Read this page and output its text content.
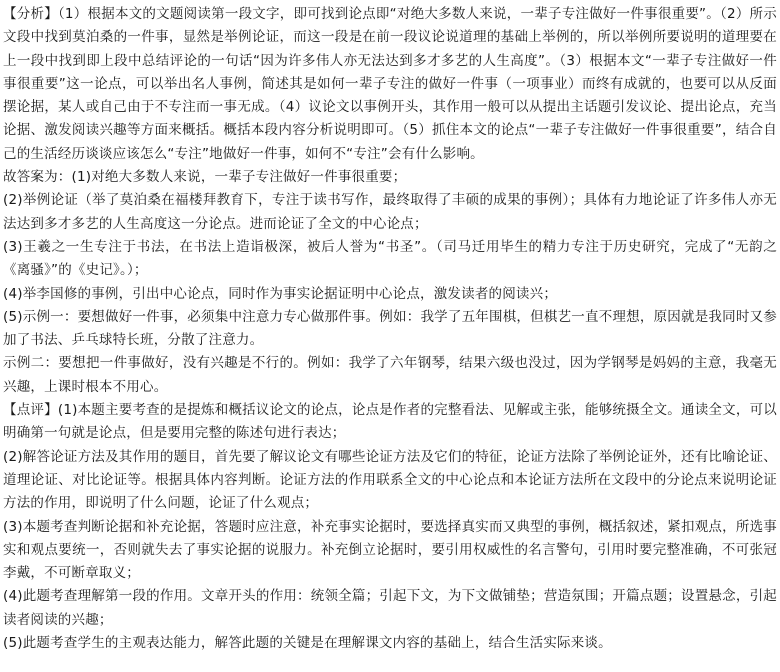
【分析】（1）根据本文的文题阅读第一段文字，即可找到论点即“对绝大多数人来说，一辈子专注做好一件事很重要”。（2）所示文段中找到莫泊桑的一件事，显然是举例论证，而这一段是在前一段议论说道理的基础上举例的，所以举例所要说明的道理要在上一段中找到即上段中总结评论的一句话“因为许多伟人亦无法达到多才多艺的人生高度”。（3）根据本文“一辈子专注做好一件事很重要”这一论点，可以举出名人事例，简述其是如何一辈子专注的做好一件事（一项事业）而终有成就的，也要可以从反面摆论据，某人或自己由于不专注而一事无成。（4）议论文以事例开头，其作用一般可以从提出主话题引发议论、提出论点，充当论据、激发阅读兴趣等方面来概括。概括本段内容分析说明即可。（5）抓住本文的论点“一辈子专注做好一件事很重要”，结合自己的生活经历谈谈应该怎么“专注”地做好一件事，如何不“专注”会有什么影响。

故答案为：(1)对绝大多数人来说，一辈子专注做好一件事很重要；

(2)举例论证（举了莫泊桑在福楼拜教育下，专注于读书写作，最终取得了丰硕的成果的事例）；具体有力地论证了许多伟人亦无法达到多才多艺的人生高度这一分论点。进而论证了全文的中心论点；

(3)王羲之一生专注于书法，在书法上造诣极深，被后人誉为“书圣”。（司马迁用毕生的精力专注于历史研究，完成了“无韵之《离骚》”的《史记》。）；

(4)举李国修的事例，引出中心论点，同时作为事实论据证明中心论点，激发读者的阅读兴；

(5)示例一：要想做好一件事，必须集中注意力专心做那件事。例如：我学了五年围棋，但棋艺一直不理想，原因就是我同时又参加了书法、乒乓球特长班，分散了注意力。

示例二：要想把一件事做好，没有兴趣是不行的。例如：我学了六年钢琴，结果六级也没过，因为学钢琴是妈妈的主意，我毫无兴趣，上课时根本不用心。

【点评】(1)本题主要考查的是提炼和概括议论文的论点，论点是作者的完整看法、见解或主张，能够统摄全文。通读全文，可以明确第一句就是论点，但是要用完整的陈述句进行表达；

(2)解答论证方法及其作用的题目，首先要了解议论文有哪些论证方法及它们的特征，论证方法除了举例论证外，还有比喻论证、道理论证、对比论证等。根据具体内容判断。论证方法的作用联系全文的中心论点和本论证方法所在文段中的分论点来说明论证方法的作用，即说明了什么问题，论证了什么观点；

(3)本题考查判断论据和补充论据，答题时应注意，补充事实论据时，要选择真实而又典型的事例，概括叙述，紧扣观点，所选事实和观点要统一，否则就失去了事实论据的说服力。补充倒立论据时，要引用权威性的名言警句，引用时要完整准确，不可张冠李戴，不可断章取义；

(4)此题考查理解第一段的作用。文章开头的作用：统领全篇；引起下文，为下文做铺垫；营造氛围；开篇点题；设置悬念，引起读者阅读的兴趣；

(5)此题考查学生的主观表达能力，解答此题的关键是在理解课文内容的基础上，结合生活实际来谈。
